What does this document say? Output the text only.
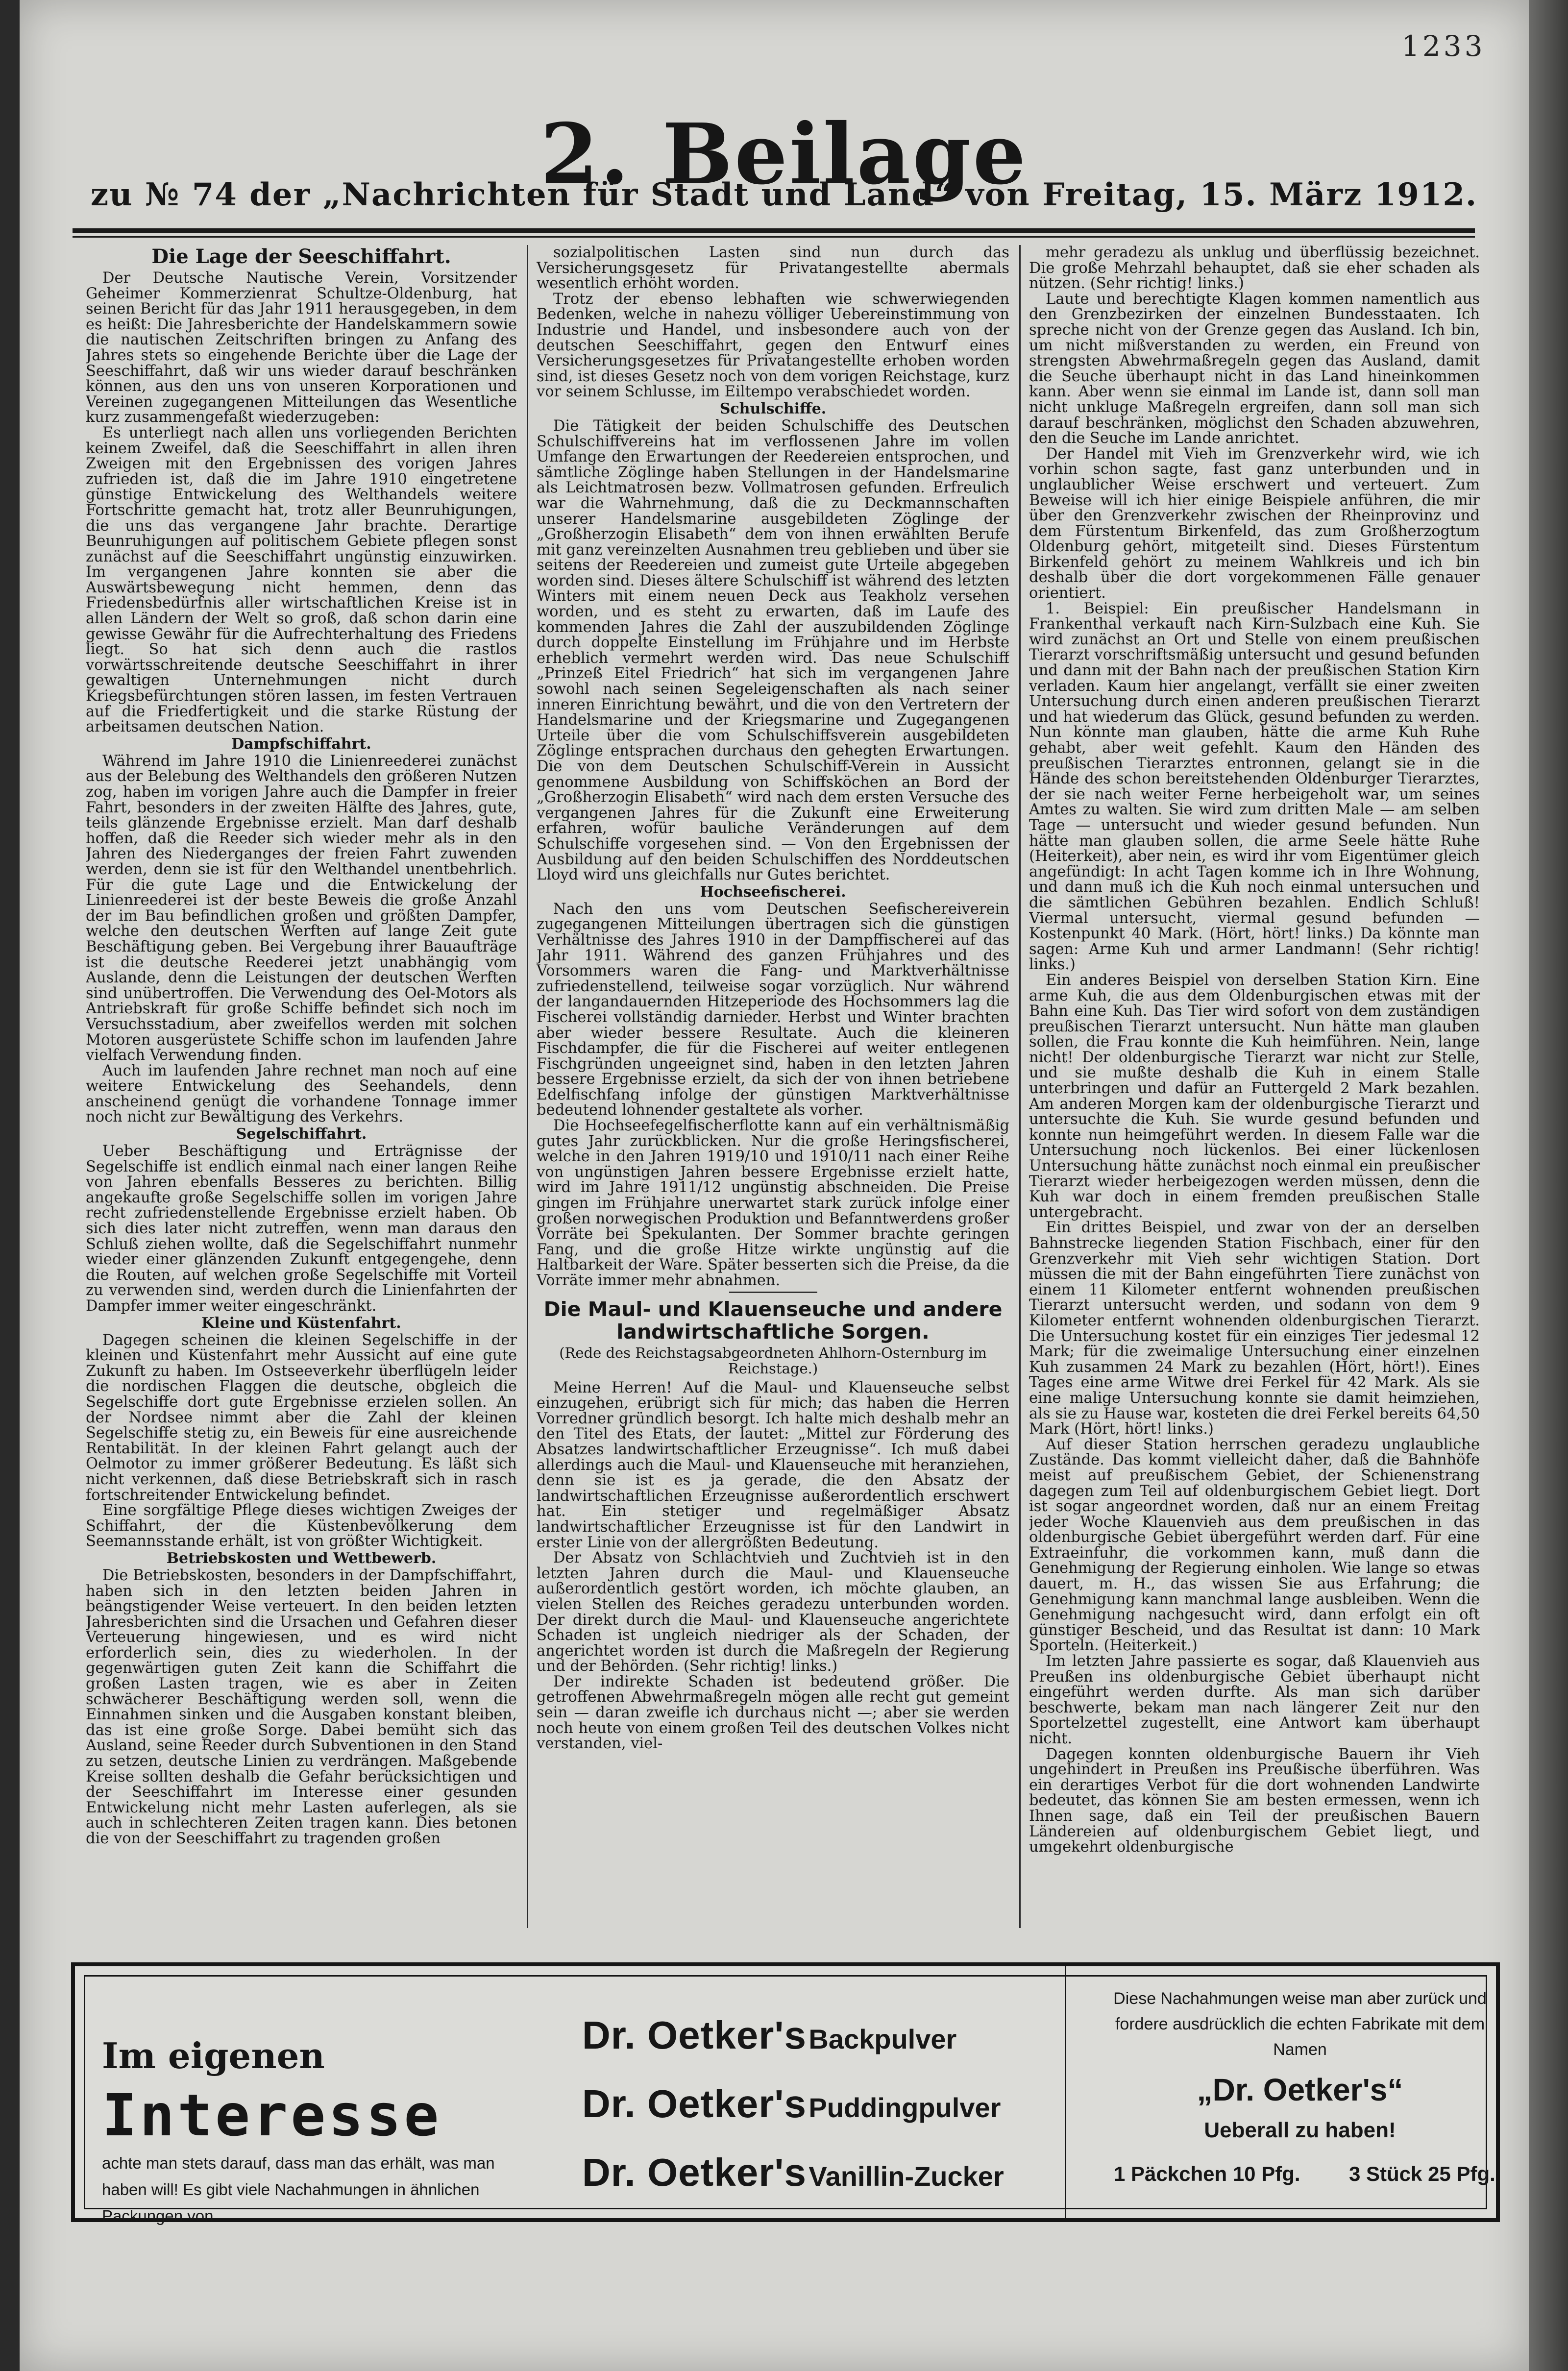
1233
2. Beilage
zu № 74 der „Nachrichten für Stadt und Land“ von Freitag, 15. März 1912.

Die Lage der Seeschiffahrt.

Der Deutsche Nautische Verein, Vorsitzender Geheimer Kommerzienrat Schultze-Oldenburg, hat seinen Bericht für das Jahr 1911 herausgegeben, in dem es heißt: Die Jahresberichte der Handelskammern sowie die nautischen Zeitschriften bringen zu Anfang des Jahres stets so eingehende Berichte über die Lage der Seeschiffahrt, daß wir uns wieder darauf beschränken können, aus den uns von unseren Korporationen und Vereinen zugegangenen Mitteilungen das Wesentliche kurz zusammengefaßt wiederzugeben:

Es unterliegt nach allen uns vorliegenden Berichten keinem Zweifel, daß die Seeschiffahrt in allen ihren Zweigen mit den Ergebnissen des vorigen Jahres zufrieden ist, daß die im Jahre 1910 eingetretene günstige Entwickelung des Welthandels weitere Fortschritte gemacht hat, trotz aller Beunruhigungen, die uns das vergangene Jahr brachte. Derartige Beunruhigungen auf politischem Gebiete pflegen sonst zunächst auf die Seeschiffahrt ungünstig einzuwirken. Im vergangenen Jahre konnten sie aber die Auswärtsbewegung nicht hemmen, denn das Friedensbedürfnis aller wirtschaftlichen Kreise ist in allen Ländern der Welt so groß, daß schon darin eine gewisse Gewähr für die Aufrechterhaltung des Friedens liegt. So hat sich denn auch die rastlos vorwärtsschreitende deutsche Seeschiffahrt in ihrer gewaltigen Unternehmungen nicht durch Kriegsbefürchtungen stören lassen, im festen Vertrauen auf die Friedfertigkeit und die starke Rüstung der arbeitsamen deutschen Nation.

Dampfschiffahrt.

Während im Jahre 1910 die Linienreederei zunächst aus der Belebung des Welthandels den größeren Nutzen zog, haben im vorigen Jahre auch die Dampfer in freier Fahrt, besonders in der zweiten Hälfte des Jahres, gute, teils glänzende Ergebnisse erzielt. Man darf deshalb hoffen, daß die Reeder sich wieder mehr als in den Jahren des Niederganges der freien Fahrt zuwenden werden, denn sie ist für den Welthandel unentbehrlich. Für die gute Lage und die Entwickelung der Linienreederei ist der beste Beweis die große Anzahl der im Bau befindlichen großen und größten Dampfer, welche den deutschen Werften auf lange Zeit gute Beschäftigung geben. Bei Vergebung ihrer Bauaufträge ist die deutsche Reederei jetzt unabhängig vom Auslande, denn die Leistungen der deutschen Werften sind unübertroffen. Die Verwendung des Oel-Motors als Antriebskraft für große Schiffe befindet sich noch im Versuchsstadium, aber zweifellos werden mit solchen Motoren ausgerüstete Schiffe schon im laufenden Jahre vielfach Verwendung finden.

Auch im laufenden Jahre rechnet man noch auf eine weitere Entwickelung des Seehandels, denn anscheinend genügt die vorhandene Tonnage immer noch nicht zur Bewältigung des Verkehrs.

Segelschiffahrt.

Ueber Beschäftigung und Erträgnisse der Segelschiffe ist endlich einmal nach einer langen Reihe von Jahren ebenfalls Besseres zu berichten. Billig angekaufte große Segelschiffe sollen im vorigen Jahre recht zufriedenstellende Ergebnisse erzielt haben. Ob sich dies later nicht zutreffen, wenn man daraus den Schluß ziehen wollte, daß die Segelschiffahrt nunmehr wieder einer glänzenden Zukunft entgegengehe, denn die Routen, auf welchen große Segelschiffe mit Vorteil zu verwenden sind, werden durch die Linienfahrten der Dampfer immer weiter eingeschränkt.

Kleine und Küstenfahrt.

Dagegen scheinen die kleinen Segelschiffe in der kleinen und Küstenfahrt mehr Aussicht auf eine gute Zukunft zu haben. Im Ostseeverkehr überflügeln leider die nordischen Flaggen die deutsche, obgleich die Segelschiffe dort gute Ergebnisse erzielen sollen. An der Nordsee nimmt aber die Zahl der kleinen Segelschiffe stetig zu, ein Beweis für eine ausreichende Rentabilität. In der kleinen Fahrt gelangt auch der Oelmotor zu immer größerer Bedeutung. Es läßt sich nicht verkennen, daß diese Betriebskraft sich in rasch fortschreitender Entwickelung befindet.

Eine sorgfältige Pflege dieses wichtigen Zweiges der Schiffahrt, der die Küstenbevölkerung dem Seemannsstande erhält, ist von größter Wichtigkeit.

Betriebskosten und Wettbewerb.

Die Betriebskosten, besonders in der Dampfschiffahrt, haben sich in den letzten beiden Jahren in beängstigender Weise verteuert. In den beiden letzten Jahresberichten sind die Ursachen und Gefahren dieser Verteuerung hingewiesen, und es wird nicht erforderlich sein, dies zu wiederholen. In der gegenwärtigen guten Zeit kann die Schiffahrt die großen Lasten tragen, wie es aber in Zeiten schwächerer Beschäftigung werden soll, wenn die Einnahmen sinken und die Ausgaben konstant bleiben, das ist eine große Sorge. Dabei bemüht sich das Ausland, seine Reeder durch Subventionen in den Stand zu setzen, deutsche Linien zu verdrängen. Maßgebende Kreise sollten deshalb die Gefahr berücksichtigen und der Seeschiffahrt im Interesse einer gesunden Entwickelung nicht mehr Lasten auferlegen, als sie auch in schlechteren Zeiten tragen kann. Dies betonen die von der Seeschiffahrt zu tragenden großen

sozialpolitischen Lasten sind nun durch das Versicherungsgesetz für Privatangestellte abermals wesentlich erhöht worden.

Trotz der ebenso lebhaften wie schwerwiegenden Bedenken, welche in nahezu völliger Uebereinstimmung von Industrie und Handel, und insbesondere auch von der deutschen Seeschiffahrt, gegen den Entwurf eines Versicherungsgesetzes für Privatangestellte erhoben worden sind, ist dieses Gesetz noch von dem vorigen Reichstage, kurz vor seinem Schlusse, im Eiltempo verabschiedet worden.

Schulschiffe.

Die Tätigkeit der beiden Schulschiffe des Deutschen Schulschiffvereins hat im verflossenen Jahre im vollen Umfange den Erwartungen der Reedereien entsprochen, und sämtliche Zöglinge haben Stellungen in der Handelsmarine als Leichtmatrosen bezw. Vollmatrosen gefunden. Erfreulich war die Wahrnehmung, daß die zu Deckmannschaften unserer Handelsmarine ausgebildeten Zöglinge der „Großherzogin Elisabeth“ dem von ihnen erwählten Berufe mit ganz vereinzelten Ausnahmen treu geblieben und über sie seitens der Reedereien und zumeist gute Urteile abgegeben worden sind. Dieses ältere Schulschiff ist während des letzten Winters mit einem neuen Deck aus Teakholz versehen worden, und es steht zu erwarten, daß im Laufe des kommenden Jahres die Zahl der auszubildenden Zöglinge durch doppelte Einstellung im Frühjahre und im Herbste erheblich vermehrt werden wird. Das neue Schulschiff „Prinzeß Eitel Friedrich“ hat sich im vergangenen Jahre sowohl nach seinen Segeleigenschaften als nach seiner inneren Einrichtung bewährt, und die von den Vertretern der Handelsmarine und der Kriegsmarine und Zugegangenen Urteile über die vom Schulschiffsverein ausgebildeten Zöglinge entsprachen durchaus den gehegten Erwartungen. Die von dem Deutschen Schulschiff-Verein in Aussicht genommene Ausbildung von Schiffsköchen an Bord der „Großherzogin Elisabeth“ wird nach dem ersten Versuche des vergangenen Jahres für die Zukunft eine Erweiterung erfahren, wofür bauliche Veränderungen auf dem Schulschiffe vorgesehen sind. — Von den Ergebnissen der Ausbildung auf den beiden Schulschiffen des Norddeutschen Lloyd wird uns gleichfalls nur Gutes berichtet.

Hochseefischerei.

Nach den uns vom Deutschen Seefischereiverein zugegangenen Mitteilungen übertragen sich die günstigen Verhältnisse des Jahres 1910 in der Dampffischerei auf das Jahr 1911. Während des ganzen Frühjahres und des Vorsommers waren die Fang- und Marktverhältnisse zufriedenstellend, teilweise sogar vorzüglich. Nur während der langandauernden Hitzeperiode des Hochsommers lag die Fischerei vollständig darnieder. Herbst und Winter brachten aber wieder bessere Resultate. Auch die kleineren Fischdampfer, die für die Fischerei auf weiter entlegenen Fischgründen ungeeignet sind, haben in den letzten Jahren bessere Ergebnisse erzielt, da sich der von ihnen betriebene Edelfischfang infolge der günstigen Marktverhältnisse bedeutend lohnender gestaltete als vorher.

Die Hochseefegelfischerflotte kann auf ein verhältnismäßig gutes Jahr zurückblicken. Nur die große Heringsfischerei, welche in den Jahren 1919/10 und 1910/11 nach einer Reihe von ungünstigen Jahren bessere Ergebnisse erzielt hatte, wird im Jahre 1911/12 ungünstig abschneiden. Die Preise gingen im Frühjahre unerwartet stark zurück infolge einer großen norwegischen Produktion und Befanntwerdens großer Vorräte bei Spekulanten. Der Sommer brachte geringen Fang, und die große Hitze wirkte ungünstig auf die Haltbarkeit der Ware. Später besserten sich die Preise, da die Vorräte immer mehr abnahmen.

Die Maul- und Klauenseuche und andere landwirtschaftliche Sorgen.

(Rede des Reichstagsabgeordneten Ahlhorn-Osternburg im Reichstage.)

Meine Herren! Auf die Maul- und Klauenseuche selbst einzugehen, erübrigt sich für mich; das haben die Herren Vorredner gründlich besorgt. Ich halte mich deshalb mehr an den Titel des Etats, der lautet: „Mittel zur Förderung des Absatzes landwirtschaftlicher Erzeugnisse“. Ich muß dabei allerdings auch die Maul- und Klauenseuche mit heranziehen, denn sie ist es ja gerade, die den Absatz der landwirtschaftlichen Erzeugnisse außerordentlich erschwert hat. Ein stetiger und regelmäßiger Absatz landwirtschaftlicher Erzeugnisse ist für den Landwirt in erster Linie von der allergrößten Bedeutung.

Der Absatz von Schlachtvieh und Zuchtvieh ist in den letzten Jahren durch die Maul- und Klauenseuche außerordentlich gestört worden, ich möchte glauben, an vielen Stellen des Reiches geradezu unterbunden worden. Der direkt durch die Maul- und Klauenseuche angerichtete Schaden ist ungleich niedriger als der Schaden, der angerichtet worden ist durch die Maßregeln der Regierung und der Behörden. (Sehr richtig! links.)

Der indirekte Schaden ist bedeutend größer. Die getroffenen Abwehrmaßregeln mögen alle recht gut gemeint sein — daran zweifle ich durchaus nicht —; aber sie werden noch heute von einem großen Teil des deutschen Volkes nicht verstanden, viel-

mehr geradezu als unklug und überflüssig bezeichnet. Die große Mehrzahl behauptet, daß sie eher schaden als nützen. (Sehr richtig! links.)

Laute und berechtigte Klagen kommen namentlich aus den Grenzbezirken der einzelnen Bundesstaaten. Ich spreche nicht von der Grenze gegen das Ausland. Ich bin, um nicht mißverstanden zu werden, ein Freund von strengsten Abwehrmaßregeln gegen das Ausland, damit die Seuche überhaupt nicht in das Land hineinkommen kann. Aber wenn sie einmal im Lande ist, dann soll man nicht unkluge Maßregeln ergreifen, dann soll man sich darauf beschränken, möglichst den Schaden abzuwehren, den die Seuche im Lande anrichtet.

Der Handel mit Vieh im Grenzverkehr wird, wie ich vorhin schon sagte, fast ganz unterbunden und in unglaublicher Weise erschwert und verteuert. Zum Beweise will ich hier einige Beispiele anführen, die mir über den Grenzverkehr zwischen der Rheinprovinz und dem Fürstentum Birkenfeld, das zum Großherzogtum Oldenburg gehört, mitgeteilt sind. Dieses Fürstentum Birkenfeld gehört zu meinem Wahlkreis und ich bin deshalb über die dort vorgekommenen Fälle genauer orientiert.

1. Beispiel: Ein preußischer Handelsmann in Frankenthal verkauft nach Kirn-Sulzbach eine Kuh. Sie wird zunächst an Ort und Stelle von einem preußischen Tierarzt vorschriftsmäßig untersucht und gesund befunden und dann mit der Bahn nach der preußischen Station Kirn verladen. Kaum hier angelangt, verfällt sie einer zweiten Untersuchung durch einen anderen preußischen Tierarzt und hat wiederum das Glück, gesund befunden zu werden. Nun könnte man glauben, hätte die arme Kuh Ruhe gehabt, aber weit gefehlt. Kaum den Händen des preußischen Tierarztes entronnen, gelangt sie in die Hände des schon bereitstehenden Oldenburger Tierarztes, der sie nach weiter Ferne herbeigeholt war, um seines Amtes zu walten. Sie wird zum dritten Male — am selben Tage — untersucht und wieder gesund befunden. Nun hätte man glauben sollen, die arme Seele hätte Ruhe (Heiterkeit), aber nein, es wird ihr vom Eigentümer gleich angefündigt: In acht Tagen komme ich in Ihre Wohnung, und dann muß ich die Kuh noch einmal untersuchen und die sämtlichen Gebühren bezahlen. Endlich Schluß! Viermal untersucht, viermal gesund befunden — Kostenpunkt 40 Mark. (Hört, hört! links.) Da könnte man sagen: Arme Kuh und armer Landmann! (Sehr richtig! links.)

Ein anderes Beispiel von derselben Station Kirn. Eine arme Kuh, die aus dem Oldenburgischen etwas mit der Bahn eine Kuh. Das Tier wird sofort von dem zuständigen preußischen Tierarzt untersucht. Nun hätte man glauben sollen, die Frau konnte die Kuh heimführen. Nein, lange nicht! Der oldenburgische Tierarzt war nicht zur Stelle, und sie mußte deshalb die Kuh in einem Stalle unterbringen und dafür an Futtergeld 2 Mark bezahlen. Am anderen Morgen kam der oldenburgische Tierarzt und untersuchte die Kuh. Sie wurde gesund befunden und konnte nun heimgeführt werden. In diesem Falle war die Untersuchung noch lückenlos. Bei einer lückenlosen Untersuchung hätte zunächst noch einmal ein preußischer Tierarzt wieder herbeigezogen werden müssen, denn die Kuh war doch in einem fremden preußischen Stalle untergebracht.

Ein drittes Beispiel, und zwar von der an derselben Bahnstrecke liegenden Station Fischbach, einer für den Grenzverkehr mit Vieh sehr wichtigen Station. Dort müssen die mit der Bahn eingeführten Tiere zunächst von einem 11 Kilometer entfernt wohnenden preußischen Tierarzt untersucht werden, und sodann von dem 9 Kilometer entfernt wohnenden oldenburgischen Tierarzt. Die Untersuchung kostet für ein einziges Tier jedesmal 12 Mark; für die zweimalige Untersuchung einer einzelnen Kuh zusammen 24 Mark zu bezahlen (Hört, hört!). Eines Tages eine arme Witwe drei Ferkel für 42 Mark. Als sie eine malige Untersuchung konnte sie damit heimziehen, als sie zu Hause war, kosteten die drei Ferkel bereits 64,50 Mark (Hört, hört! links.)

Auf dieser Station herrschen geradezu unglaubliche Zustände. Das kommt vielleicht daher, daß die Bahnhöfe meist auf preußischem Gebiet, der Schienenstrang dagegen zum Teil auf oldenburgischem Gebiet liegt. Dort ist sogar angeordnet worden, daß nur an einem Freitag jeder Woche Klauenvieh aus dem preußischen in das oldenburgische Gebiet übergeführt werden darf. Für eine Extraeinfuhr, die vorkommen kann, muß dann die Genehmigung der Regierung einholen. Wie lange so etwas dauert, m. H., das wissen Sie aus Erfahrung; die Genehmigung kann manchmal lange ausbleiben. Wenn die Genehmigung nachgesucht wird, dann erfolgt ein oft günstiger Bescheid, und das Resultat ist dann: 10 Mark Sporteln. (Heiterkeit.)

Im letzten Jahre passierte es sogar, daß Klauenvieh aus Preußen ins oldenburgische Gebiet überhaupt nicht eingeführt werden durfte. Als man sich darüber beschwerte, bekam man nach längerer Zeit nur den Sportelzettel zugestellt, eine Antwort kam überhaupt nicht.

Dagegen konnten oldenburgische Bauern ihr Vieh ungehindert in Preußen ins Preußische überführen. Was ein derartiges Verbot für die dort wohnenden Landwirte bedeutet, das können Sie am besten ermessen, wenn ich Ihnen sage, daß ein Teil der preußischen Bauern Ländereien auf oldenburgischem Gebiet liegt, und umgekehrt oldenburgische

Im eigenen
Interesse
achte man stets darauf, dass man das erhält, was man haben will! Es gibt viele Nachahmungen in ähnlichen Packungen von
Dr. Oetker's Backpulver
Dr. Oetker's Puddingpulver
Dr. Oetker's Vanillin-Zucker
Diese Nachahmungen weise man aber zurück und fordere ausdrücklich die echten Fabrikate mit dem Namen
„Dr. Oetker's“
Ueberall zu haben!
1 Päckchen 10 Pfg. 3 Stück 25 Pfg.
